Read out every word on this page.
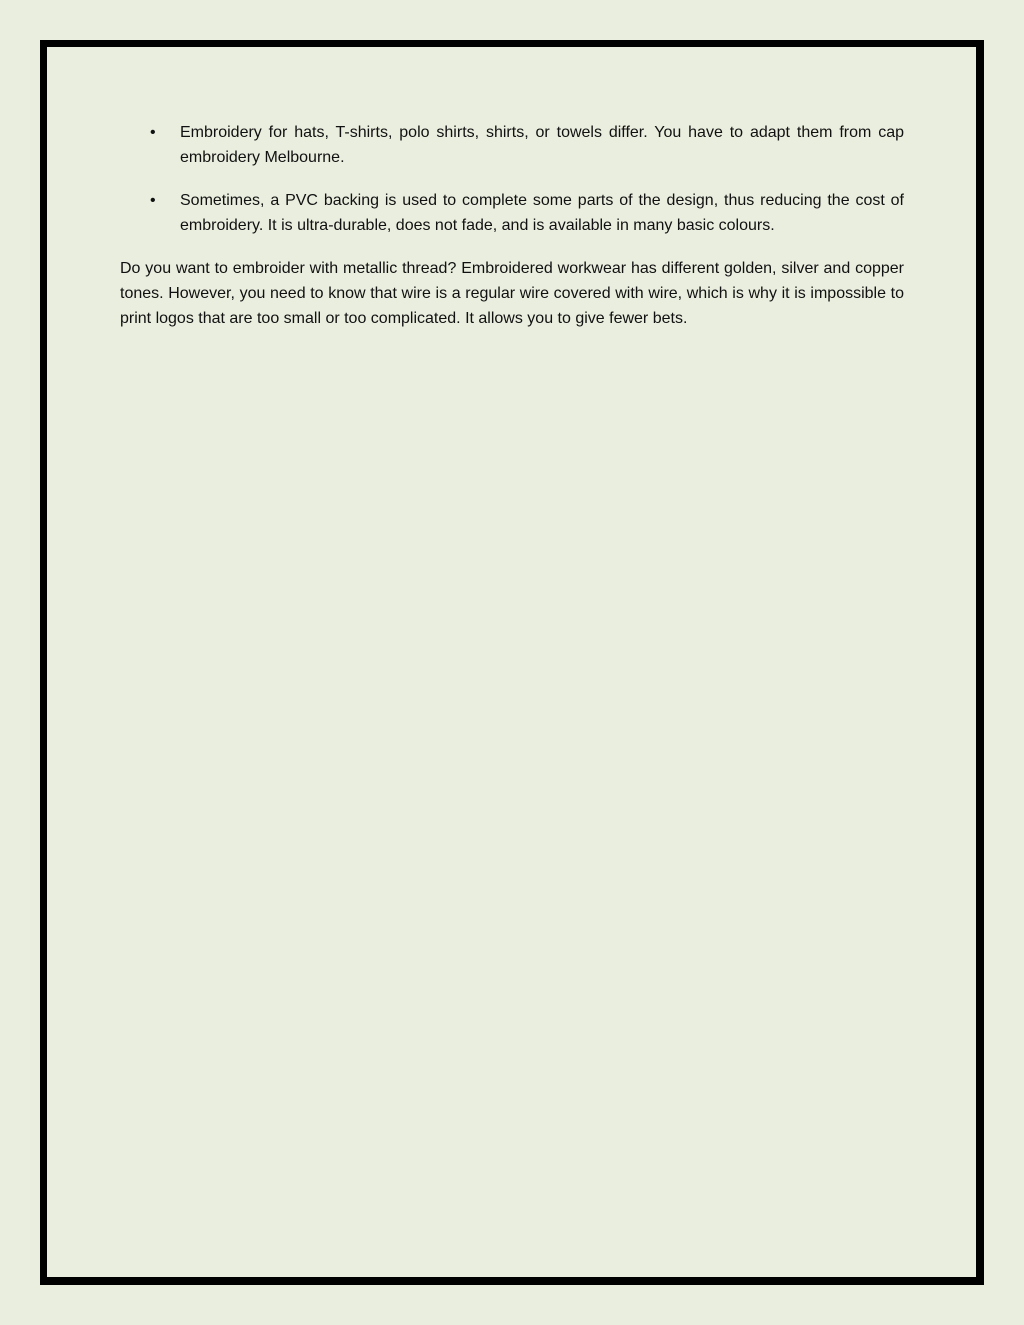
• Embroidery for hats, T-shirts, polo shirts, shirts, or towels differ. You have to adapt them from cap embroidery Melbourne.
• Sometimes, a PVC backing is used to complete some parts of the design, thus reducing the cost of embroidery. It is ultra-durable, does not fade, and is available in many basic colours.

Do you want to embroider with metallic thread? Embroidered workwear has different golden, silver and copper tones. However, you need to know that wire is a regular wire covered with wire, which is why it is impossible to print logos that are too small or too complicated. It allows you to give fewer bets.
